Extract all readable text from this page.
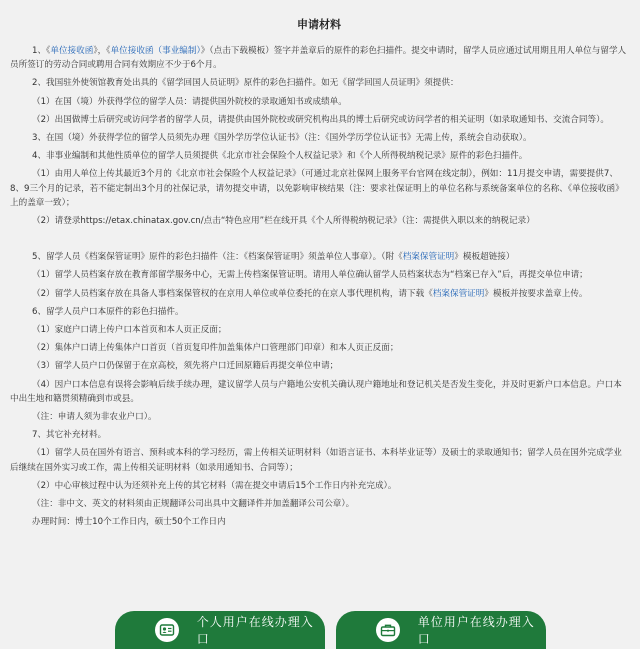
申请材料
1、《单位接收函》，《单位接收函（事业编制）》（点击下载模板）签字并盖章后的原件的彩色扫描件。提交申请时，留学人员应通过试用期且用人单位与留学人员所签订的劳动合同或聘用合同有效期应不少于6个月。
2、我国驻外使领馆教育处出具的《留学回国人员证明》原件的彩色扫描件。如无《留学回国人员证明》须提供：
（1）在国（境）外获得学位的留学人员：请提供国外院校的录取通知书或成绩单。
（2）出国做博士后研究或访问学者的留学人员，请提供由国外院校或研究机构出具的博士后研究或访问学者的相关证明（如录取通知书、交流合同等）。
3、在国（境）外获得学位的留学人员须先办理《国外学历学位认证书》（注：《国外学历学位认证书》无需上传，系统会自动获取）。
4、非事业编制和其他性质单位的留学人员须提供《北京市社会保险个人权益记录》和《个人所得税纳税记录》原件的彩色扫描件。
（1）由用人单位上传其最近3个月的《北京市社会保险个人权益记录》（可通过北京社保网上服务平台官网在线定制），例如：11月提交申请，需要提供7、8、9三个月的记录，若不能定制出3个月的社保记录，请勿提交申请，以免影响审核结果（注：要求社保证明上的单位名称与系统备案单位的名称、《单位接收函》上的盖章一致）；
（2）请登录https://etax.chinatax.gov.cn/点击“特色应用”栏在线开具《个人所得税纳税记录》（注：需提供入职以来的纳税记录）
5、留学人员《档案保管证明》原件的彩色扫描件（注：《档案保管证明》须盖单位人事章）。（附《档案保管证明》模板超链接）
（1）留学人员档案存放在教育部留学服务中心，无需上传档案保管证明。请用人单位确认留学人员档案状态为“档案已存入”后，再提交单位申请；
（2）留学人员档案存放在具备人事档案保管权的在京用人单位或单位委托的在京人事代理机构，请下载《档案保管证明》模板并按要求盖章上传。
6、留学人员户口本原件的彩色扫描件。
（1）家庭户口请上传户口本首页和本人页正反面；
（2）集体户口请上传集体户口首页（首页复印件加盖集体户口管理部门印章）和本人页正反面；
（3）留学人员户口仍保留于在京高校，须先将户口迁回原籍后再提交单位申请；
（4）因户口本信息有误将会影响后续手续办理，建议留学人员与户籍地公安机关确认现户籍地址和登记机关是否发生变化，并及时更新户口本信息。户口本中出生地和籍贯须精确到市或县。
（注：申请人须为非农业户口）。
7、其它补充材料。
（1）留学人员在国外有语言、预科或本科的学习经历，需上传相关证明材料（如语言证书、本科毕业证等）及硕士的录取通知书；留学人员在国外完成学业后继续在国外实习或工作，需上传相关证明材料（如录用通知书、合同等）；
（2）中心审核过程中认为还须补充上传的其它材料（需在提交申请后15个工作日内补充完成）。
（注：非中文、英文的材料须由正规翻译公司出具中文翻译件并加盖翻译公司公章）。
办理时间：博士10个工作日内，硕士50个工作日内
个人用户在线办理入口
单位用户在线办理入口
